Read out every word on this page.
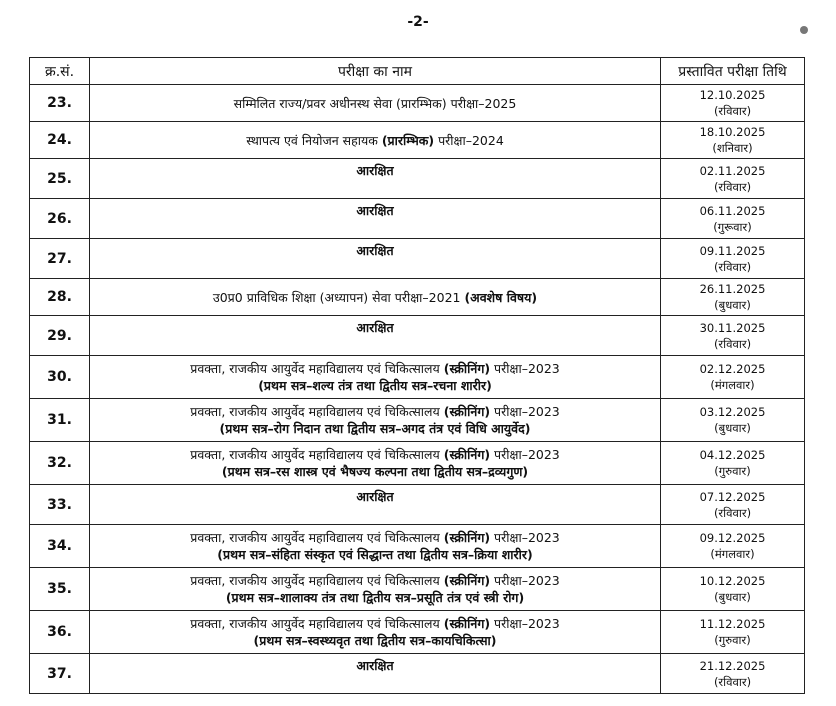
-2-
क्र.सं.	परीक्षा का नाम	प्रस्तावित परीक्षा तिथि
23.	सम्मिलित राज्य/प्रवर अधीनस्थ सेवा (प्रारम्भिक) परीक्षा–2025	12.10.2025
(रविवार)

24.	स्थापत्य एवं नियोजन सहायक (प्रारम्भिक) परीक्षा–2024	18.10.2025
(शनिवार)

25.	आरक्षित	02.11.2025
(रविवार)

26.	आरक्षित	06.11.2025
(गुरूवार)

27.	आरक्षित	09.11.2025
(रविवार)

28.	उ0प्र0 प्राविधिक शिक्षा (अध्यापन) सेवा परीक्षा–2021 (अवशेष विषय)	26.11.2025
(बुधवार)

29.	आरक्षित	30.11.2025
(रविवार)

30.	प्रवक्ता, राजकीय आयुर्वेद महाविद्यालय एवं चिकित्सालय (स्क्रीनिंग) परीक्षा–2023
(प्रथम सत्र–शल्य तंत्र तथा द्वितीय सत्र–रचना शारीर)	02.12.2025
(मंगलवार)

31.	प्रवक्ता, राजकीय आयुर्वेद महाविद्यालय एवं चिकित्सालय (स्क्रीनिंग) परीक्षा–2023
(प्रथम सत्र–रोग निदान तथा द्वितीय सत्र–अगद तंत्र एवं विधि आयुर्वेद)	03.12.2025
(बुधवार)

32.	प्रवक्ता, राजकीय आयुर्वेद महाविद्यालय एवं चिकित्सालय (स्क्रीनिंग) परीक्षा–2023
(प्रथम सत्र–रस शास्त्र एवं भैषज्य कल्पना तथा द्वितीय सत्र–द्रव्यगुण)	04.12.2025
(गुरुवार)

33.	आरक्षित	07.12.2025
(रविवार)

34.	प्रवक्ता, राजकीय आयुर्वेद महाविद्यालय एवं चिकित्सालय (स्क्रीनिंग) परीक्षा–2023
(प्रथम सत्र–संहिता संस्कृत एवं सिद्धान्त तथा द्वितीय सत्र–क्रिया शारीर)	09.12.2025
(मंगलवार)

35.	प्रवक्ता, राजकीय आयुर्वेद महाविद्यालय एवं चिकित्सालय (स्क्रीनिंग) परीक्षा–2023
(प्रथम सत्र–शालाक्य तंत्र तथा द्वितीय सत्र–प्रसूति तंत्र एवं स्त्री रोग)	10.12.2025
(बुधवार)

36.	प्रवक्ता, राजकीय आयुर्वेद महाविद्यालय एवं चिकित्सालय (स्क्रीनिंग) परीक्षा–2023
(प्रथम सत्र–स्वस्थ्यवृत तथा द्वितीय सत्र–कायचिकित्सा)	11.12.2025
(गुरुवार)

37.	आरक्षित	21.12.2025
(रविवार)
